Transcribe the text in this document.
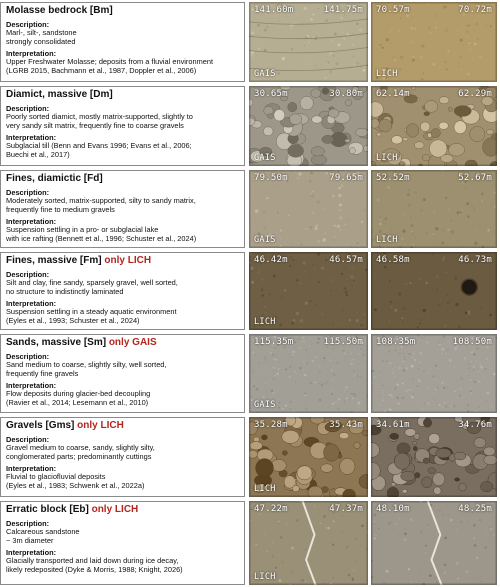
Molasse bedrock [Bm]
Description:
Marl-, silt-, sandstone
strongly consolidated
Interpretation:
Upper Freshwater Molasse; deposits from a fluvial environment
(LGRB 2015, Bachmann et al., 1987, Doppler et al., 2006)
141.60m	141.75m
GAIS
70.57m	70.72m
LICH
Diamict, massive [Dm]
Description:
Poorly sorted diamict, mostly matrix-supported, slightly to
very sandy silt matrix, frequently fine to coarse gravels
Interpretation:
Subglacial till (Benn and Evans 1996; Evans et al., 2006;
Buechi et al., 2017)
30.65m	30.80m
GAIS
62.14m	62.29m
LICH
Fines, diamictic [Fd]
Description:
Moderately sorted, matrix-supported, silty to sandy matrix,
frequently fine to medium gravels
Interpretation:
Suspension settling in a pro- or subglacial lake
with ice rafting (Bennett et al., 1996; Schuster et al., 2024)
79.50m	79.65m
GAIS
52.52m	52.67m
LICH
Fines, massive [Fm] only LICH
Description:
Silt and clay, fine sandy, sparsely gravel, well sorted,
no structure to indistinctly laminated
Interpretation:
Suspension settling in a steady aquatic environment
(Eyles et al., 1993; Schuster et al., 2024)
46.42m	46.57m
LICH
46.58m	46.73m
Sands, massive [Sm] only GAIS
Description:
Sand medium to coarse, slightly silty, well sorted,
frequently fine gravels
Interpretation:
Flow deposits during glacier-bed decoupling
(Ravier et al., 2014; Lesemann et al., 2010)
115.35m	115.50m
GAIS
108.35m	108.50m
Gravels [Gms] only LICH
Description:
Gravel medium to coarse, sandy, slightly silty,
conglomerated parts; predominantly cuttings
Interpretation:
Fluvial to glaciofluvial deposits
(Eyles et al., 1983; Schwenk et al., 2022a)
35.28m	35.43m
LICH
34.61m	34.76m
Erratic block [Eb] only LICH
Description:
Calcareous sandstone
~ 3m diameter
Interpretation:
Glacially transported and laid down during ice decay,
likely redeposited (Dyke & Morris, 1988; Knight, 2026)
47.22m	47.37m
LICH
48.10m	48.25m
